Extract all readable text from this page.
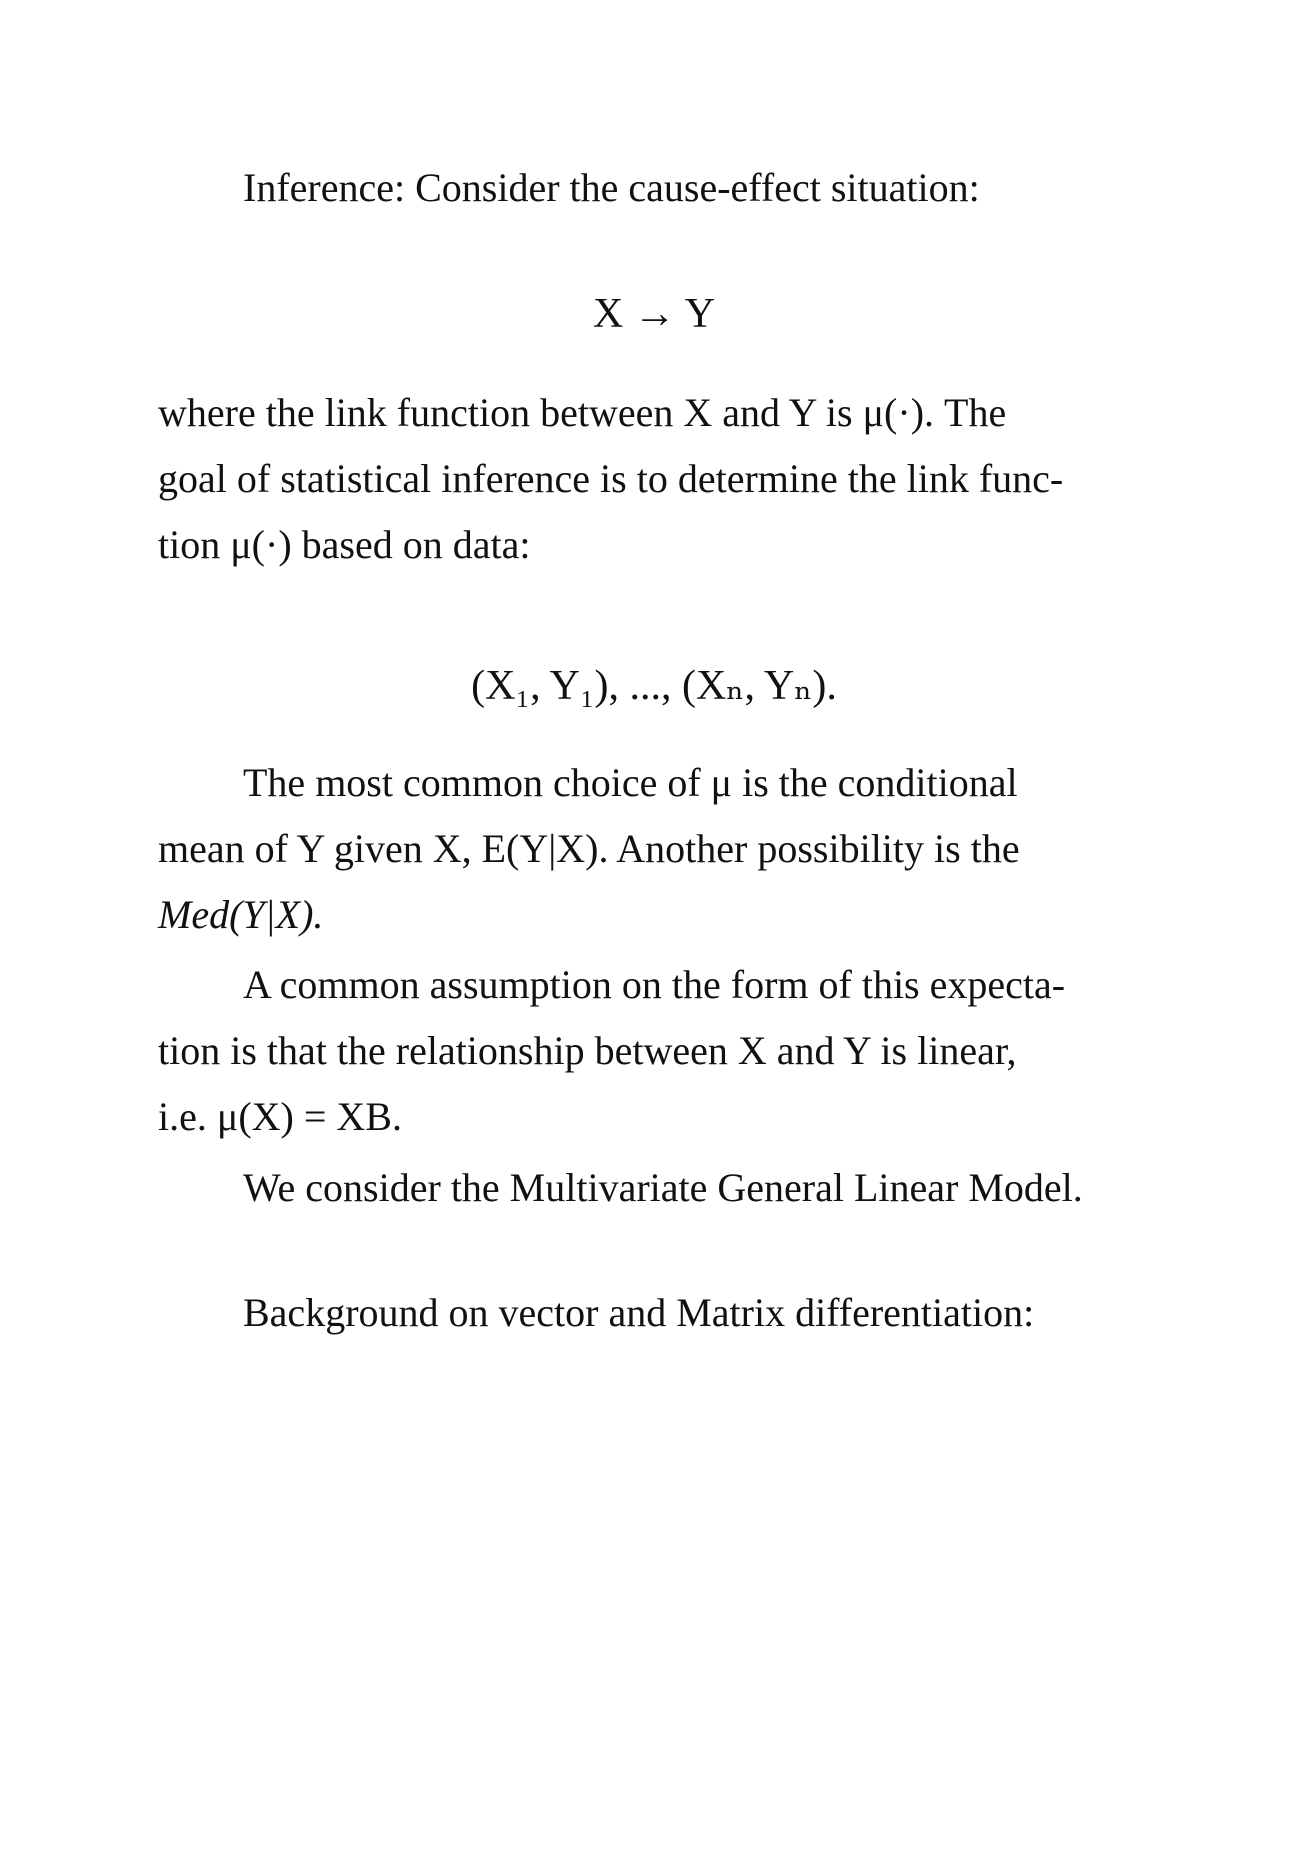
Inference: Consider the cause-effect situation:
X → Y
where the link function between X and Y is μ(·). The
goal of statistical inference is to determine the link func-
tion μ(·) based on data:
(X₁, Y₁), ..., (Xₙ, Yₙ).
The most common choice of μ is the conditional
mean of Y given X, E(Y|X). Another possibility is the
Med(Y|X).
A common assumption on the form of this expecta-
tion is that the relationship between X and Y is linear,
i.e. μ(X) = XB.
We consider the Multivariate General Linear Model.
Background on vector and Matrix differentiation:
